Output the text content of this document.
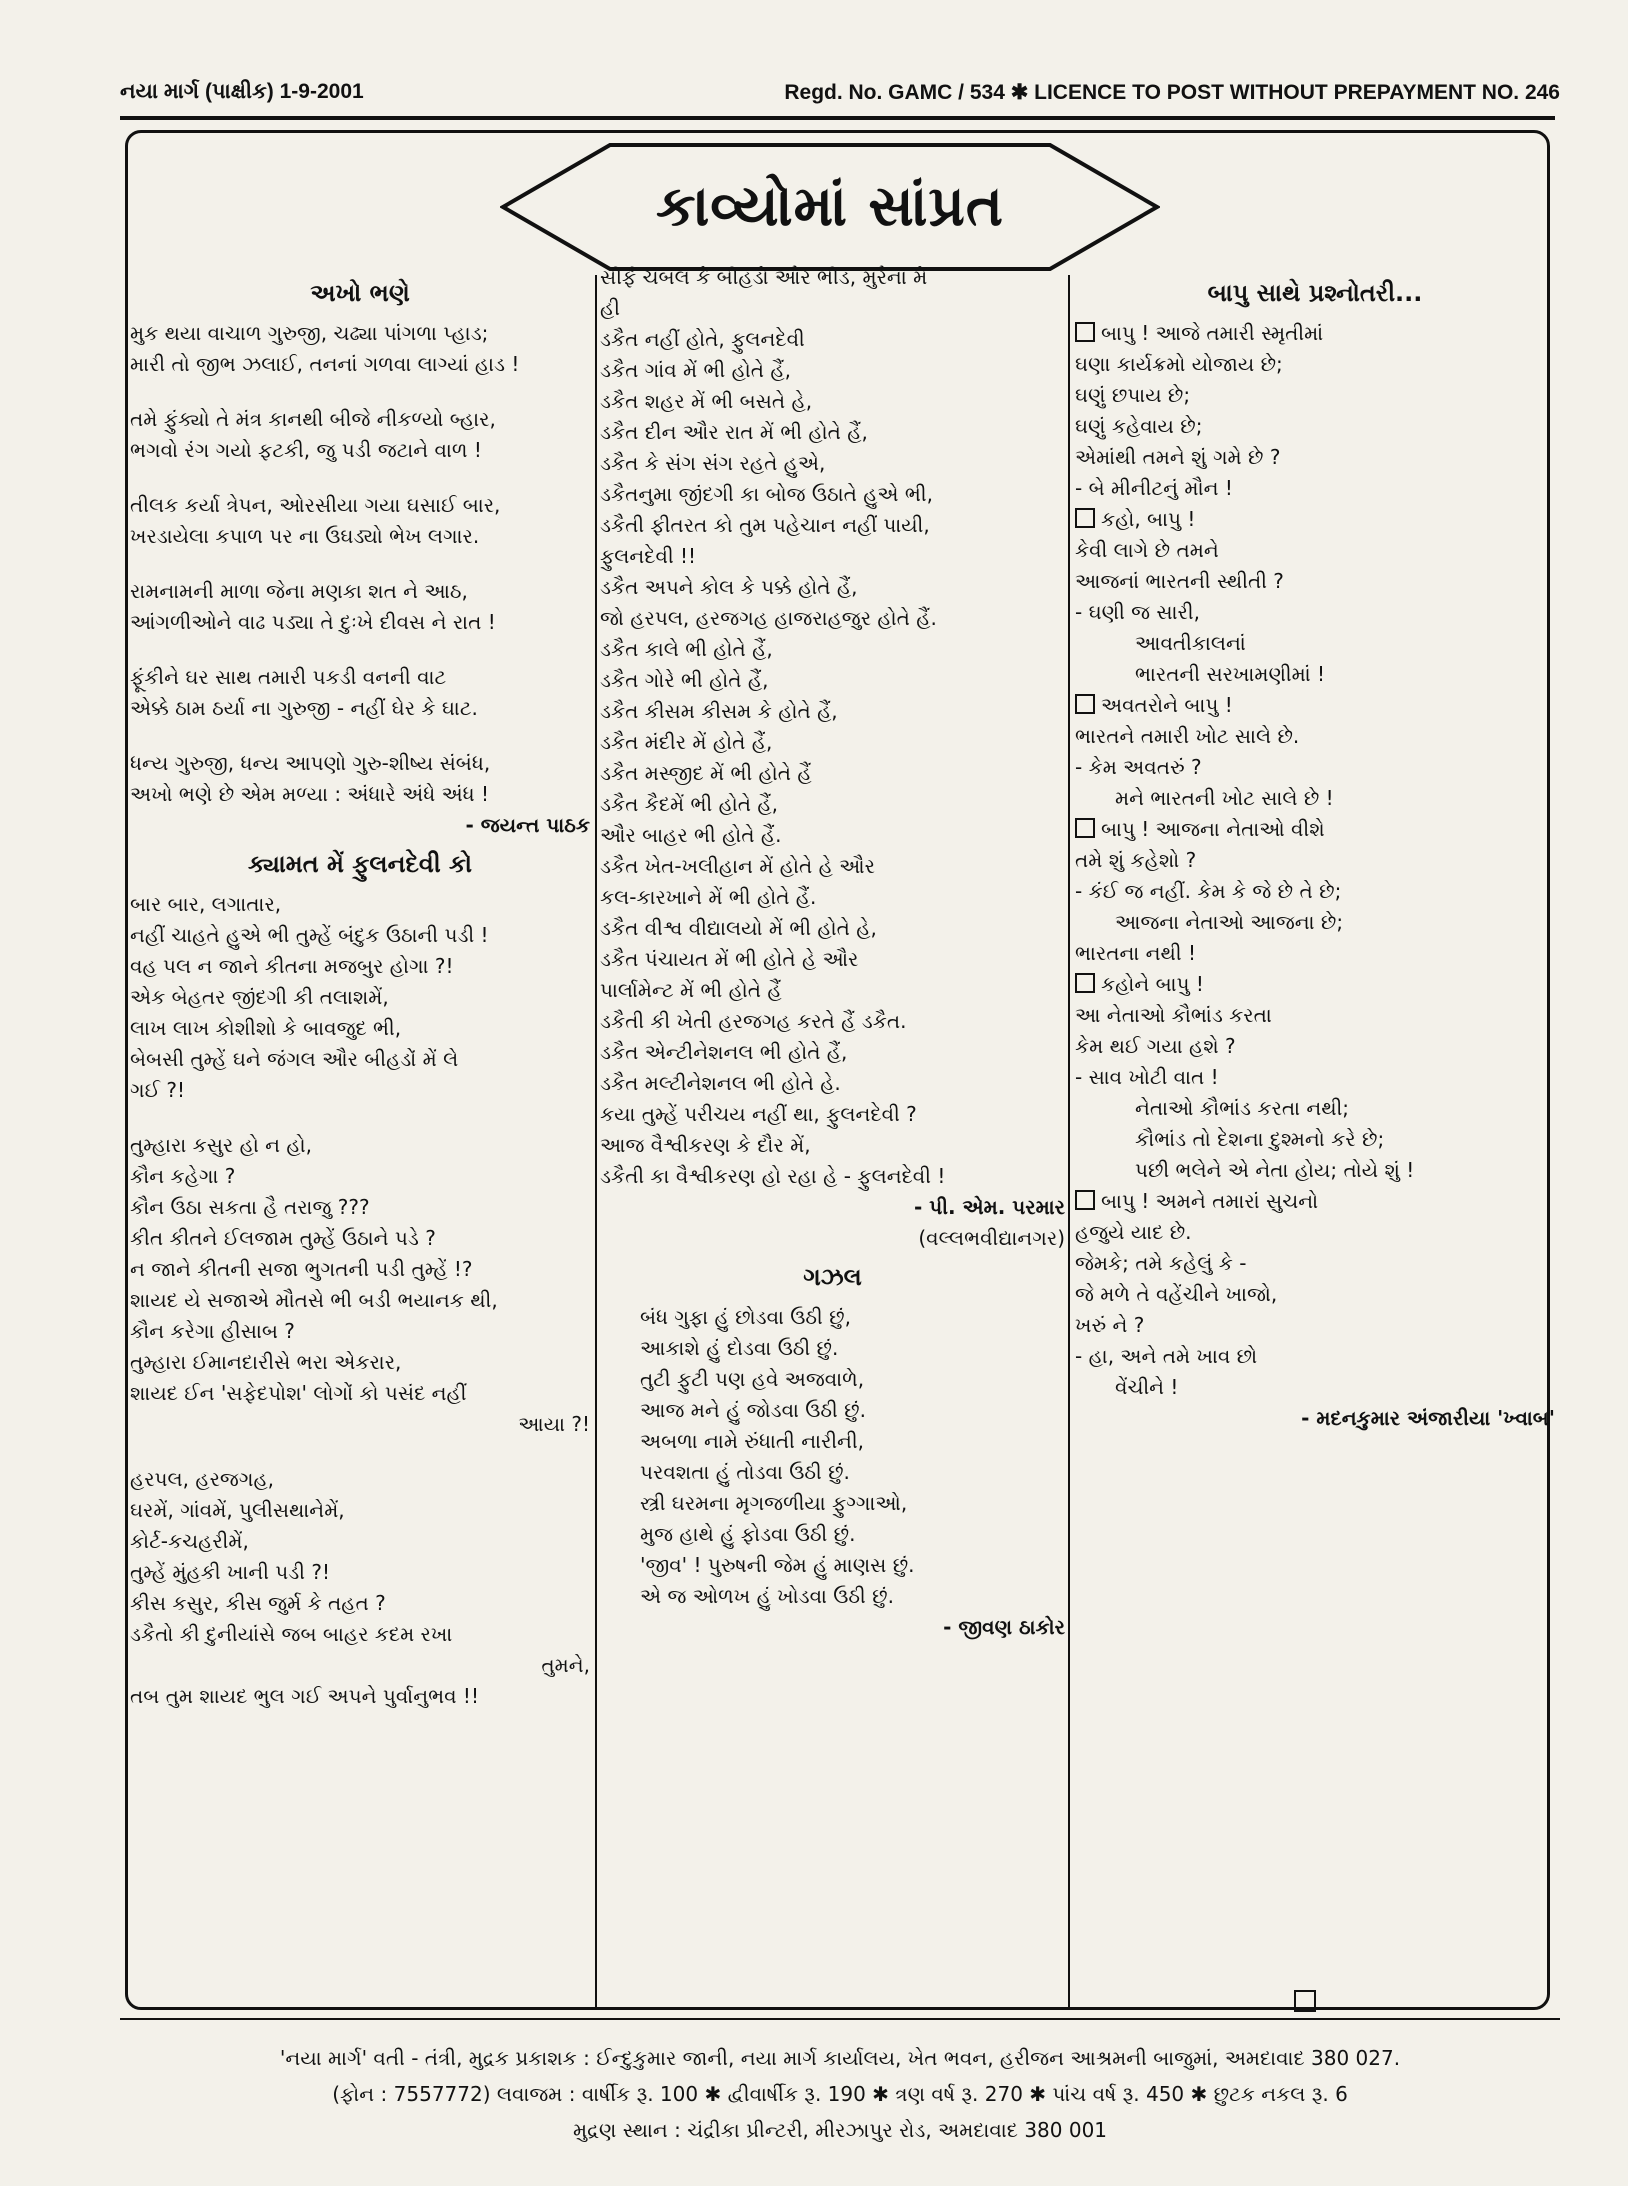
નયા માર્ગ (પાક્ષીક) 1-9-2001	Regd. No. GAMC / 534 ✱ LICENCE TO POST WITHOUT PREPAYMENT NO. 246
કાવ્યોમાં સાંપ્રત

અખો ભણે

મુક થયા વાચાળ ગુરુજી, ચઢ્યા પાંગળા પ્હાડ;

મારી તો જીભ ઝલાઈ, તનનાં ગળવા લાગ્યાં હાડ !

તમે ફુંક્યો તે મંત્ર કાનથી બીજે નીકળ્યો બ્હાર,

ભગવો રંગ ગયો ફટકી, જુ પડી જટાને વાળ !

તીલક કર્યા ત્રેપન, ઓરસીયા ગયા ઘસાઈ બાર,

ખરડાયેલા કપાળ પર ના ઉઘડ્યો ભેખ લગાર.

રામનામની માળા જેના મણકા શત ને આઠ,

આંગળીઓને વાઢ પડ્યા તે દુઃખે દીવસ ને રાત !

ફૂંકીને ઘર સાથ તમારી પકડી વનની વાટ

એક્કે ઠામ ઠર્યા ના ગુરુજી - નહીં ઘેર કે ઘાટ.

ધન્ય ગુરુજી, ધન્ય આપણો ગુરુ-શીષ્ય સંબંધ,

અખો ભણે છે એમ મળ્યા : અંધારે અંધે અંધ !

- જયન્ત પાઠક

ક્યામત મેં ફુલનદેવી કો

બાર બાર, લગાતાર,

નહીં ચાહતે હુએ ભી તુમ્હેં બંદુક ઉઠાની પડી !

વહ પલ ન જાને કીતના મજબુર હોગા ?!

એક બેહતર જીંદગી કી તલાશમેં,

લાખ લાખ કોશીશો કે બાવજુદ ભી,

બેબસી તુમ્હેં ઘને જંગલ ઔર બીહડોં મેં લે

ગઈ ?!

તુમ્હારા કસુર હો ન હો,

કૌન કહેગા ?

કૌન ઉઠા સકતા હૈ તરાજુ ???

કીત કીતને ઈલજામ તુમ્હેં ઉઠાને પડે ?

ન જાને કીતની સજા ભુગતની પડી તુમ્હેં !?

શાયદ યે સજાએ મૌતસે ભી બડી ભયાનક થી,

કૌન કરેગા હીસાબ ?

તુમ્હારા ઈમાનદારીસે ભરા એકરાર,

શાયદ ઈન 'સફેદપોશ' લોગોં કો પસંદ નહીં

આયા ?!

હરપલ, હરજગહ,

ઘરમેં, ગાંવમેં, પુલીસથાનેમેં,

કોર્ટ-કચહરીમેં,

તુમ્હેં મુંહકી ખાની પડી ?!

કીસ કસુર, કીસ જુર્મ કે તહત ?

ડકૈતો કી દુનીયાંસે જબ બાહર કદમ રખા

તુમને,

તબ તુમ શાયદ ભુલ ગઈ અપને પુર્વાનુભવ !!

સીર્ફ ચંબલ કે બીહડો ઔર ભીંડ, મુરૈના મેં

હી

ડકૈત નહીં હોતે, ફુલનદેવી

ડકૈત ગાંવ મેં ભી હોતે હૈં,

ડકૈત શહર મેં ભી બસતે હે,

ડકૈત દીન ઔર રાત મેં ભી હોતે હૈં,

ડકૈત કે સંગ સંગ રહતે હુએ,

ડકૈતનુમા જીંદગી કા બોજ ઉઠાતે હુએ ભી,

ડકૈતી ફીતરત કો તુમ પહેચાન નહીં પાયી,

ફુલનદેવી !!

ડકૈત અપને કોલ કે પક્કે હોતે હૈં,

જો હરપલ, હરજગહ હાજરાહજુર હોતે હૈં.

ડકૈત કાલે ભી હોતે હૈં,

ડકૈત ગોરે ભી હોતે હૈં,

ડકૈત કીસમ કીસમ કે હોતે હૈં,

ડકૈત મંદીર મેં હોતે હૈં,

ડકૈત મસ્જીદ મેં ભી હોતે હૈં

ડકૈત કૈદમેં ભી હોતે હૈં,

ઔર બાહર ભી હોતે હૈં.

ડકૈત ખેત-ખલીહાન મેં હોતે હે ઔર

કલ-કારખાને મેં ભી હોતે હૈં.

ડકૈત વીશ્વ વીદ્યાલયો મેં ભી હોતે હે,

ડકૈત પંચાયત મેં ભી હોતે હે ઔર

પાર્લામેન્ટ મેં ભી હોતે હૈં

ડકૈતી કી ખેતી હરજગહ કરતે હૈં ડકૈત.

ડકૈત એન્ટીનેશનલ ભી હોતે હૈં,

ડકૈત મલ્ટીનેશનલ ભી હોતે હે.

કયા તુમ્હેં પરીચય નહીં થા, ફુલનદેવી ?

આજ વૈશ્વીકરણ કે દૌર મેં,

ડકૈતી કા વૈશ્વીકરણ હો રહા હે - ફુલનદેવી !

- પી. એમ. પરમાર

(વલ્લભવીદ્યાનગર)

ગઝલ

બંધ ગુફા હું છોડવા ઉઠી છું,

આકાશે હું દોડવા ઉઠી છું.

તુટી ફુટી પણ હવે અજવાળે,

આજ મને હું જોડવા ઉઠી છું.

અબળા નામે રુંધાતી નારીની,

પરવશતા હું તોડવા ઉઠી છું.

સ્ત્રી ઘરમના મૃગજળીયા ફુગ્ગાઓ,

મુજ હાથે હું ફોડવા ઉઠી છું.

'જીવ' ! પુરુષની જેમ હું માણસ છું.

એ જ ઓળખ હું ખોડવા ઉઠી છું.

- જીવણ ઠાકોર

બાપુ સાથે પ્રશ્નોતરી...

બાપુ ! આજે તમારી સ્મૃતીમાં

ઘણા કાર્યક્રમો યોજાય છે;

ઘણું છપાય છે;

ઘણું કહેવાય છે;

એમાંથી તમને શું ગમે છે ?

- બે મીનીટનું મૌન !

કહો, બાપુ !

કેવી લાગે છે તમને

આજનાં ભારતની સ્થીતી ?

- ઘણી જ સારી,

આવતીકાલનાં

ભારતની સરખામણીમાં !

અવતરોને બાપુ !

ભારતને તમારી ખોટ સાલે છે.

- કેમ અવતરું ?

મને ભારતની ખોટ સાલે છે !

બાપુ ! આજના નેતાઓ વીશે

તમે શું કહેશો ?

- કંઈ જ નહીં. કેમ કે જે છે તે છે;

આજના નેતાઓ આજના છે;

ભારતના નથી !

કહોને બાપુ !

આ નેતાઓ કૌભાંડ કરતા

કેમ થઈ ગયા હશે ?

- સાવ ખોટી વાત !

નેતાઓ કૌભાંડ કરતા નથી;

કૌભાંડ તો દેશના દુશ્મનો કરે છે;

પછી ભલેને એ નેતા હોય; તોયે શું !

બાપુ ! અમને તમારાં સુચનો

હજુયે યાદ છે.

જેમકે; તમે કહેલું કે -

જે મળે તે વહેંચીને ખાજો,

ખરું ને ?

- હા, અને તમે ખાવ છો

વેંચીને !

- મદનકુમાર અંજારીયા 'ખ્વાબ'

'નયા માર્ગ' વતી - તંત્રી, મુદ્રક પ્રકાશક : ઈન્દુકુમાર જાની, નયા માર્ગ કાર્યાલય, ખેત ભવન, હરીજન આશ્રમની બાજુમાં, અમદાવાદ 380 027.

(ફોન : 7557772) લવાજમ : વાર્ષીક રૂ. 100 ✱ દ્વીવાર્ષીક રૂ. 190 ✱ ત્રણ વર્ષ રૂ. 270 ✱ પાંચ વર્ષ રૂ. 450 ✱ છુટક નકલ રૂ. 6

મુદ્રણ સ્થાન : ચંદ્રીકા પ્રીન્ટરી, મીરઝાપુર રોડ, અમદાવાદ 380 001
